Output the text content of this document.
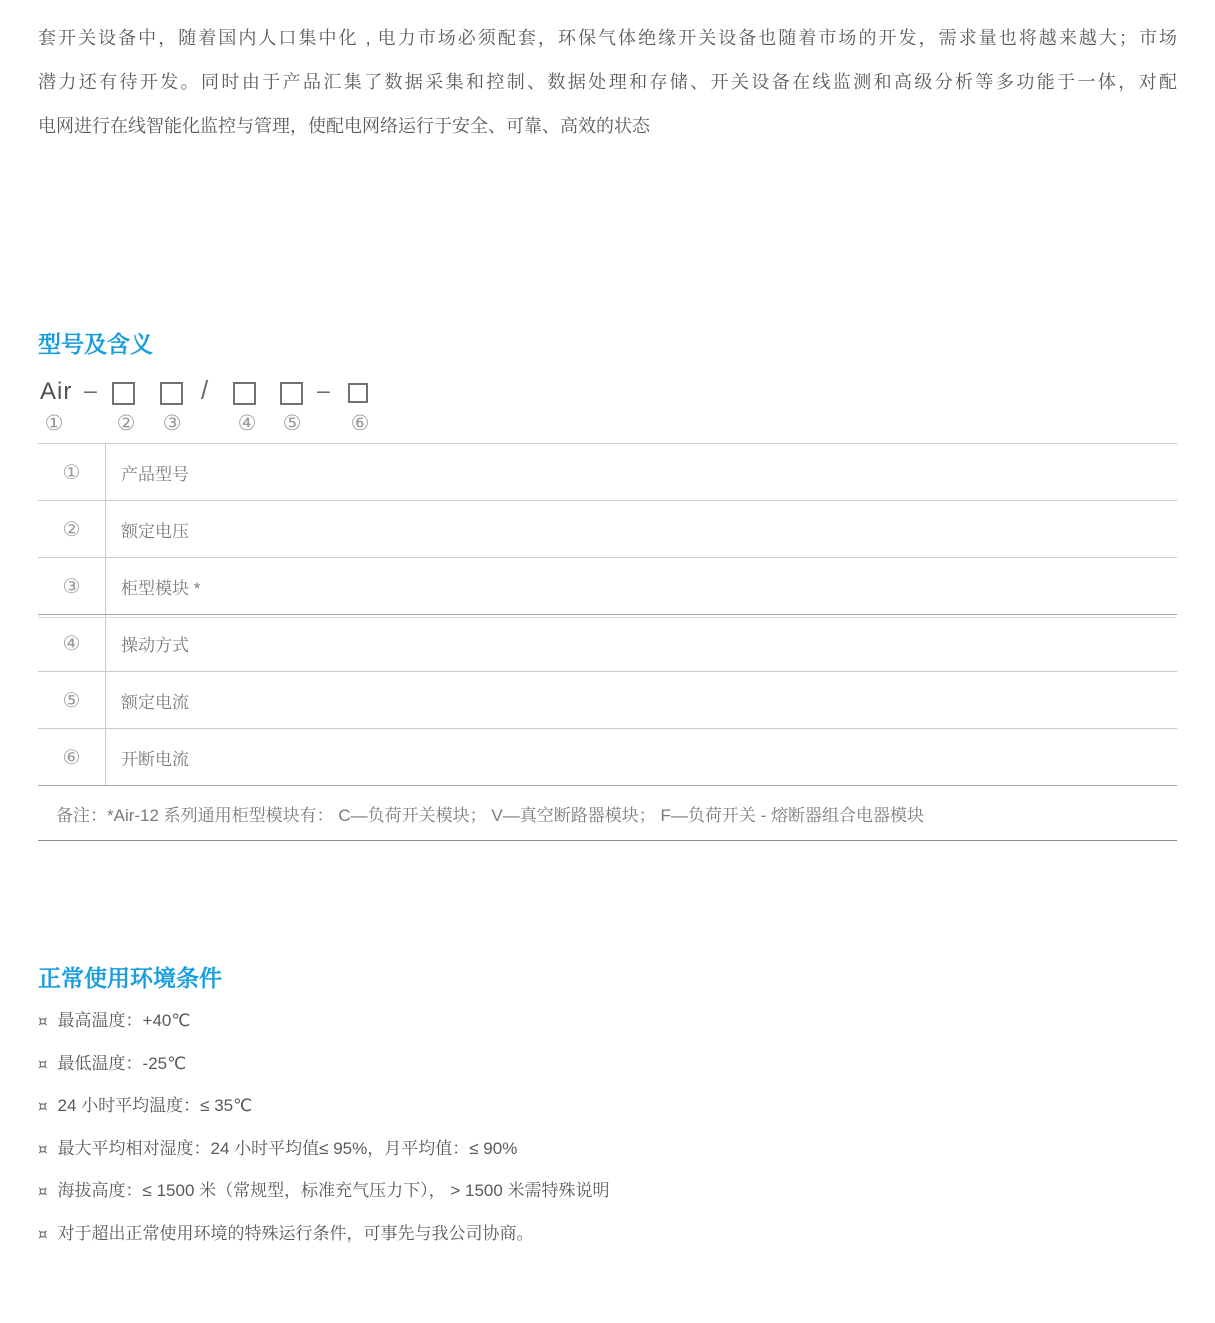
套开关设备中，随着国内人口集中化 , 电力市场必须配套，环保气体绝缘开关设备也随着市场的开发，需求量也将越来越大；市场
潜力还有待开发。同时由于产品汇集了数据采集和控制、数据处理和存储、开关设备在线监测和高级分析等多功能于一体，对配
电网进行在线智能化监控与管理，使配电网络运行于安全、可靠、高效的状态

型号及含义
Air –	/	–
①	② ③	④ ⑤ ⑥
①	产品型号
②	额定电压
③	柜型模块 *
④	操动方式
⑤	额定电流
⑥	开断电流
备注：*Air-12 系列通用柜型模块有： C—负荷开关模块； V—真空断路器模块； F—负荷开关 - 熔断器组合电器模块
正常使用环境条件
¤ 最高温度：+40℃
¤ 最低温度：-25℃
¤ 24 小时平均温度：≤ 35℃
¤ 最大平均相对湿度：24 小时平均值≤ 95%，月平均值：≤ 90%
¤ 海拔高度：≤ 1500 米（常规型，标准充气压力下）， > 1500 米需特殊说明
¤ 对于超出正常使用环境的特殊运行条件，可事先与我公司协商。
